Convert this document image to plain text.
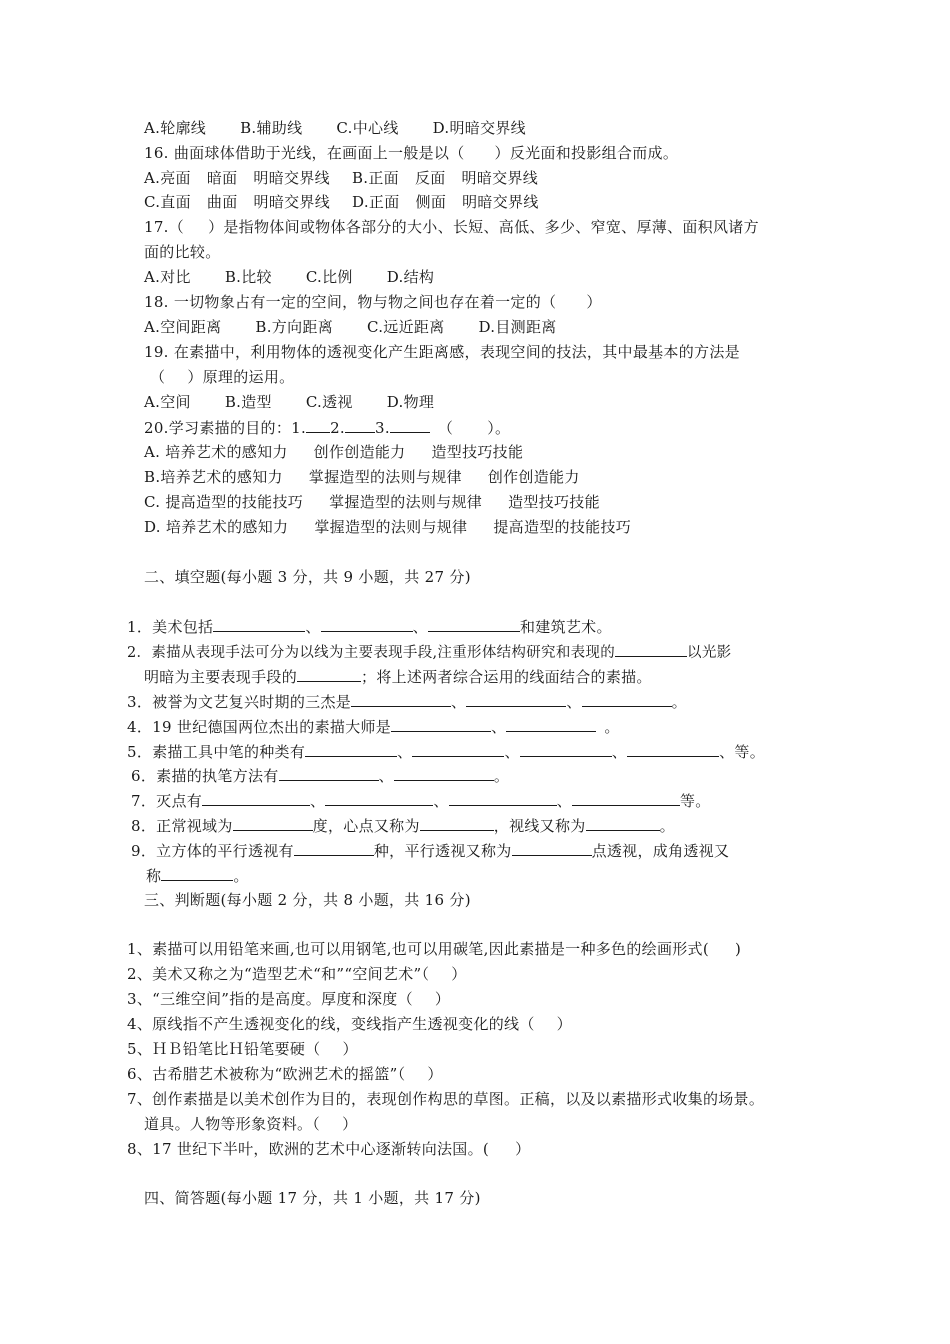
A.轮廓线 B.辅助线 C.中心线 D.明暗交界线
16. 曲面球体借助于光线，在画面上一般是以（ ）反光面和投影组合而成。
A.亮面 暗面 明暗交界线 B.正面 反面 明暗交界线
C.直面 曲面 明暗交界线 D.正面 侧面 明暗交界线
17.（ ）是指物体间或物体各部分的大小、长短、高低、多少、窄宽、厚薄、面积风诸方
面的比较。
A.对比 B.比较 C.比例 D.结构
18. 一切物象占有一定的空间，物与物之间也存在着一定的（ ）
A.空间距离 B.方向距离 C.远近距离 D.目测距离
19. 在素描中，利用物体的透视变化产生距离感，表现空间的技法，其中最基本的方法是
（ ）原理的运用。
A.空间 B.造型 C.透视 D.物理
20.学习素描的目的：1. 2. 3.	（ ）。
A. 培养艺术的感知力 创作创造能力 造型技巧技能
B.培养艺术的感知力 掌握造型的法则与规律 创作创造能力
C. 提高造型的技能技巧 掌握造型的法则与规律 造型技巧技能
D. 培养艺术的感知力 掌握造型的法则与规律 提高造型的技能技巧
二、填空题(每小题 3 分，共 9 小题，共 27 分)
1．美术包括	、	、	和建筑艺术。
2．素描从表现手法可分为以线为主要表现手段,注重形体结构研究和表现的	以光影
明暗为主要表现手段的	；将上述两者综合运用的线面结合的素描。
3．被誉为文艺复兴时期的三杰是	、	、	。
4．19 世纪德国两位杰出的素描大师是	、	。
5．素描工具中笔的种类有	、	、	、	、等。
6．素描的执笔方法有	、	。
7．灭点有	、	、	、	等。
8．正常视域为	度，心点又称为	，视线又称为	。
9．立方体的平行透视有	种，平行透视又称为	点透视，成角透视又
称	。
三、判断题(每小题 2 分，共 8 小题，共 16 分)
1、素描可以用铅笔来画,也可以用钢笔,也可以用碳笔,因此素描是一种多色的绘画形式( )
2、美术又称之为“造型艺术“和”“空间艺术”（ ）
3、“三维空间”指的是高度。厚度和深度（ ）
4、原线指不产生透视变化的线，变线指产生透视变化的线（ ）
5、ＨＢ铅笔比Ｈ铅笔要硬（ ）
6、古希腊艺术被称为“欧洲艺术的摇篮”（ ）
7、创作素描是以美术创作为目的，表现创作构思的草图。正稿，以及以素描形式收集的场景。
道具。人物等形象资料。（ ）
8、17 世纪下半叶，欧洲的艺术中心逐渐转向法国。( ）
四、简答题(每小题 17 分，共 1 小题，共 17 分)
